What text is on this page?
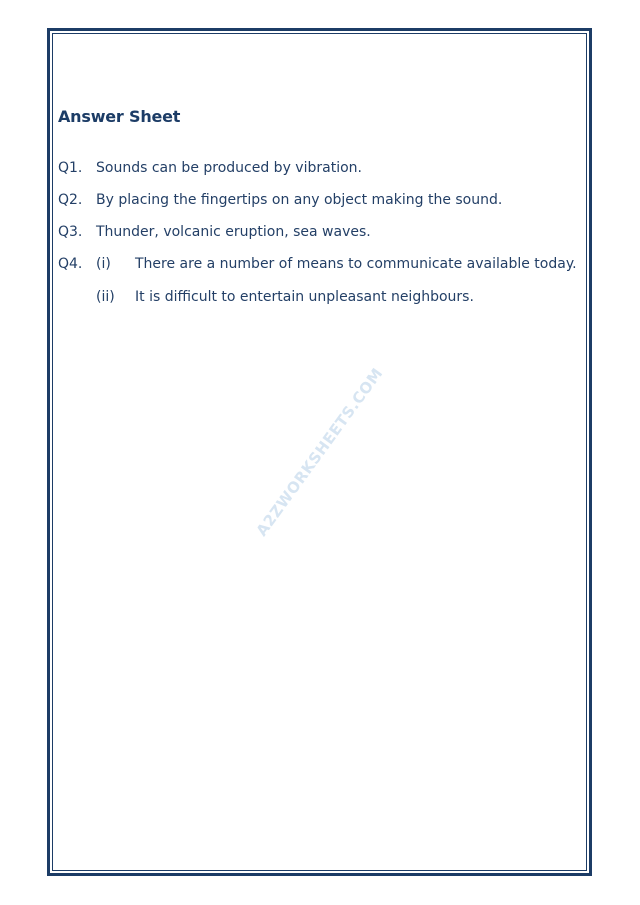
Answer Sheet
Q1. Sounds can be produced by vibration.
Q2. By placing the fingertips on any object making the sound.
Q3. Thunder, volcanic eruption, sea waves.
Q4. (i) There are a number of means to communicate available today.
(ii) It is difficult to entertain unpleasant neighbours.
A2ZWORKSHEETS.COM
